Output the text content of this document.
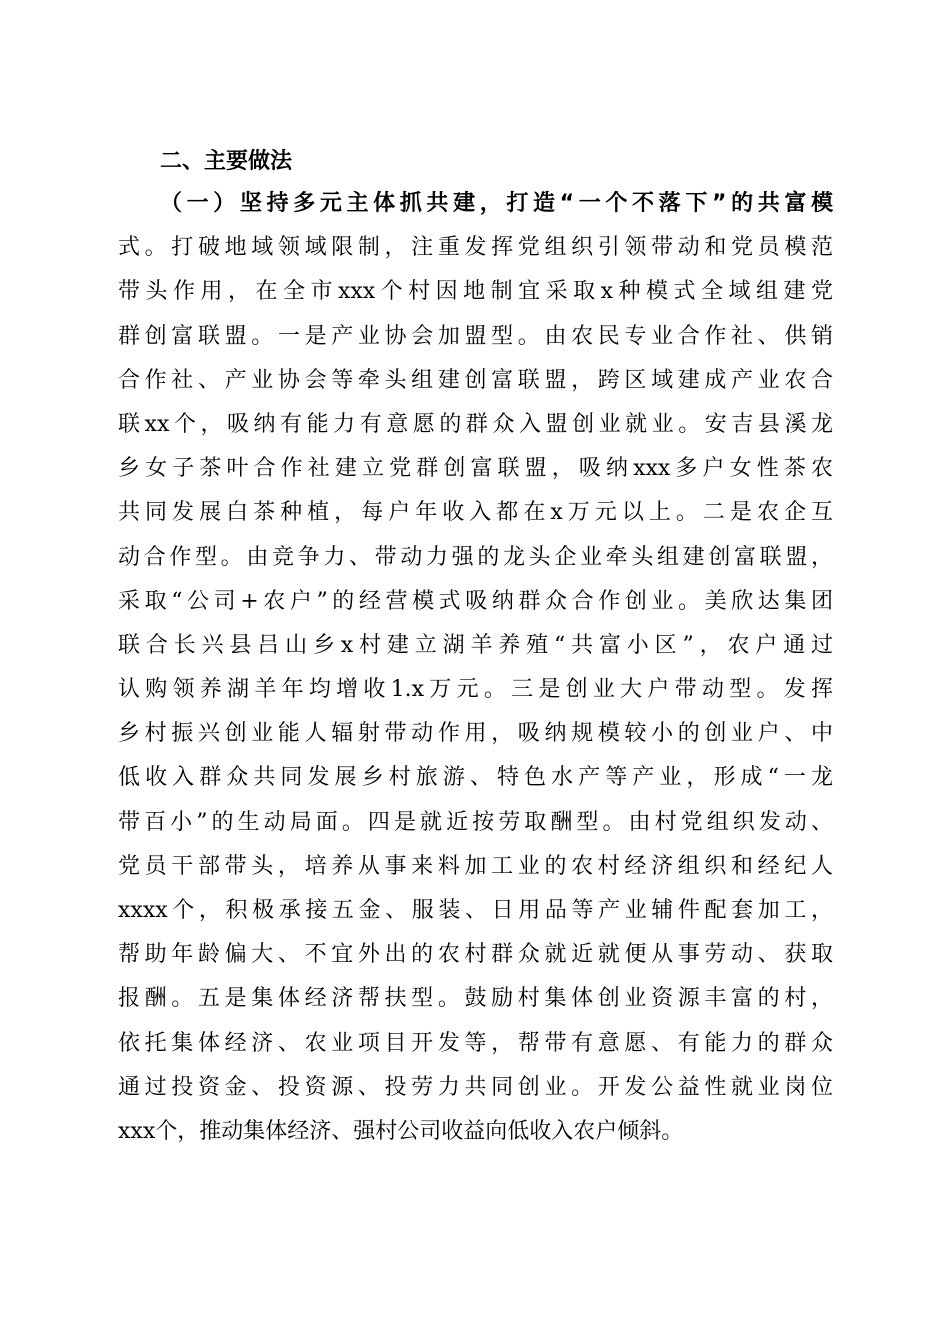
二、主要做法
（一）坚持多元主体抓共建，打造“一个不落下”的共富模
式。打破地域领域限制，注重发挥党组织引领带动和党员模范
带头作用，在全市xxx个村因地制宜采取x种模式全域组建党
群创富联盟。一是产业协会加盟型。由农民专业合作社、供销
合作社、产业协会等牵头组建创富联盟，跨区域建成产业农合
联xx个，吸纳有能力有意愿的群众入盟创业就业。安吉县溪龙
乡女子茶叶合作社建立党群创富联盟，吸纳xxx多户女性茶农
共同发展白茶种植，每户年收入都在x万元以上。二是农企互
动合作型。由竞争力、带动力强的龙头企业牵头组建创富联盟，
采取“公司+农户”的经营模式吸纳群众合作创业。美欣达集团
联合长兴县吕山乡x村建立湖羊养殖“共富小区”，农户通过
认购领养湖羊年均增收1.x万元。三是创业大户带动型。发挥
乡村振兴创业能人辐射带动作用，吸纳规模较小的创业户、中
低收入群众共同发展乡村旅游、特色水产等产业，形成“一龙
带百小”的生动局面。四是就近按劳取酬型。由村党组织发动、
党员干部带头，培养从事来料加工业的农村经济组织和经纪人
xxxx个，积极承接五金、服装、日用品等产业辅件配套加工，
帮助年龄偏大、不宜外出的农村群众就近就便从事劳动、获取
报酬。五是集体经济帮扶型。鼓励村集体创业资源丰富的村，
依托集体经济、农业项目开发等，帮带有意愿、有能力的群众
通过投资金、投资源、投劳力共同创业。开发公益性就业岗位
xxx个，推动集体经济、强村公司收益向低收入农户倾斜。
